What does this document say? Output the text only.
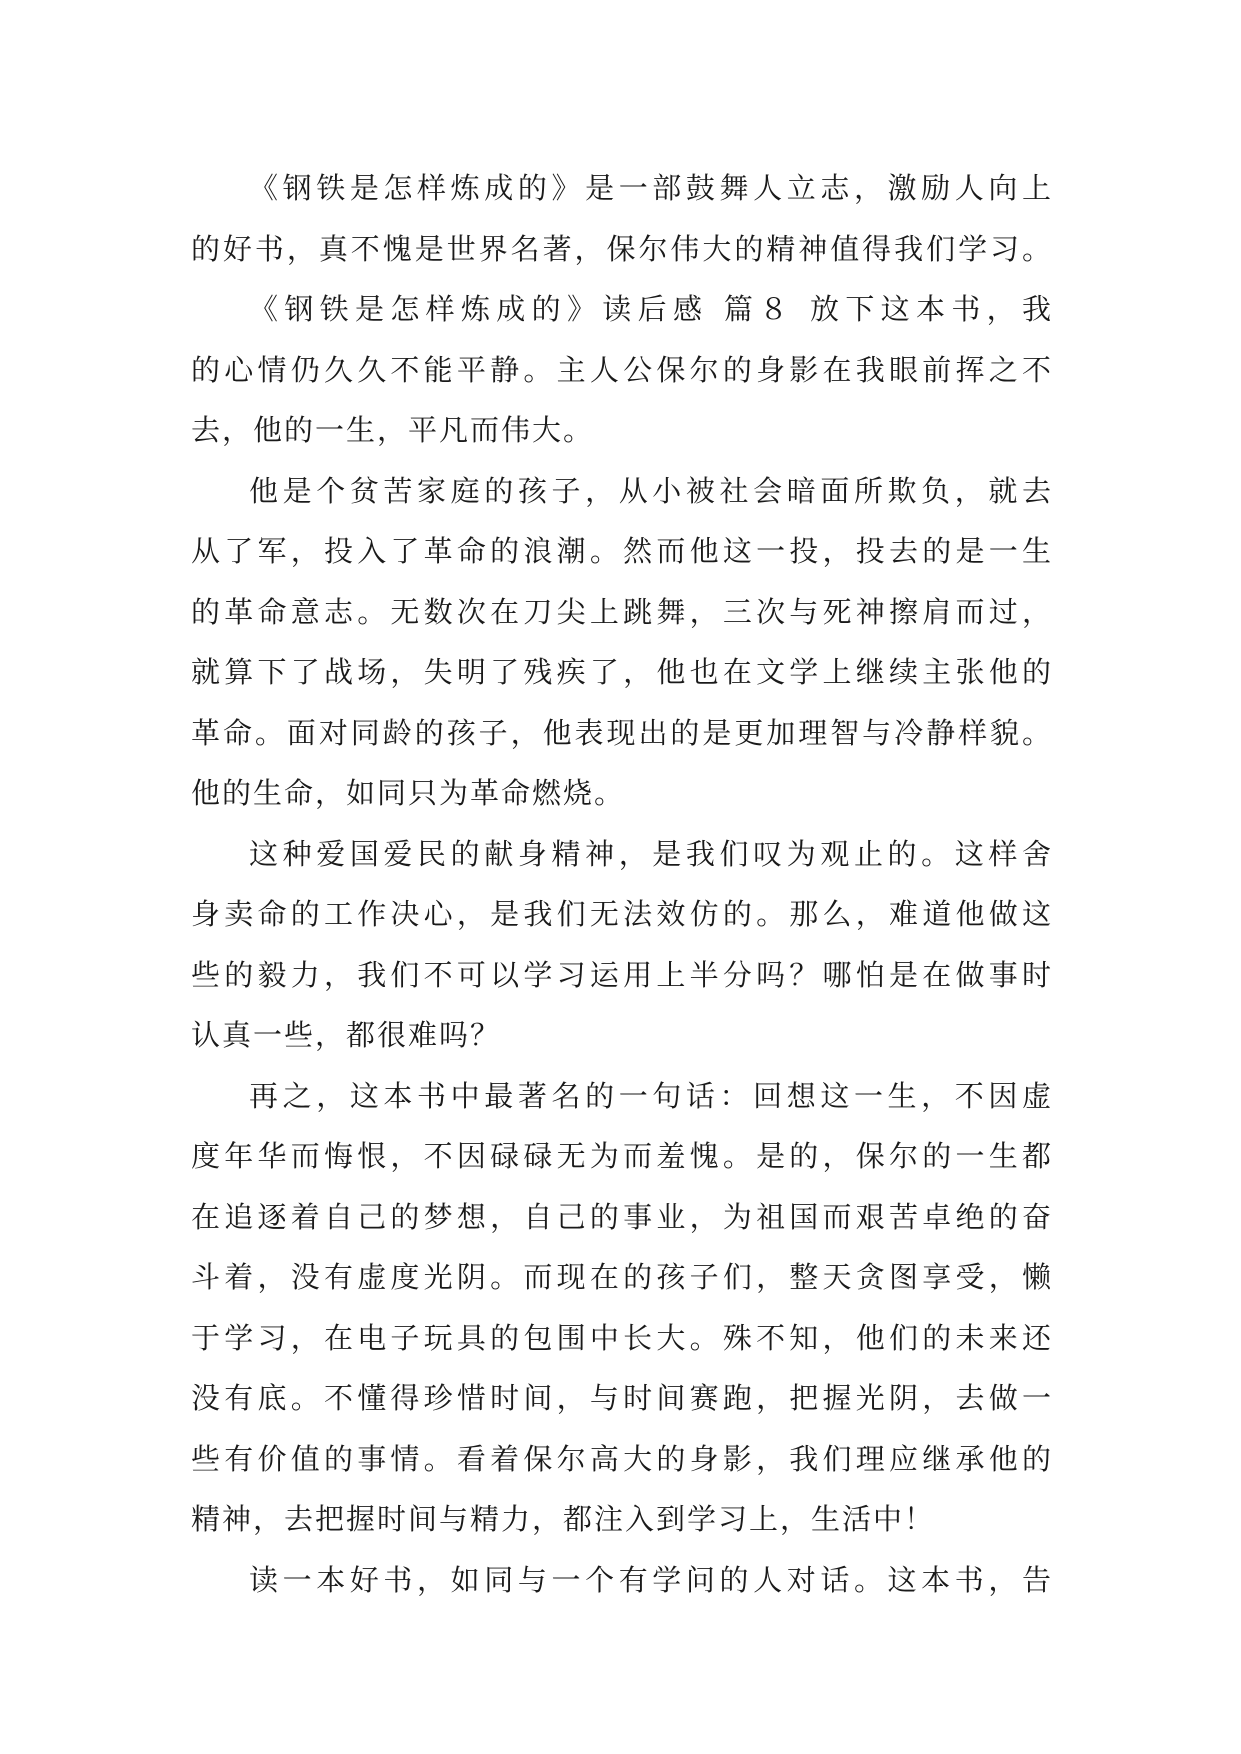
《钢铁是怎样炼成的》是一部鼓舞人立志，激励人向上
的好书，真不愧是世界名著，保尔伟大的精神值得我们学习。
《钢铁是怎样炼成的》读后感 篇８ 放下这本书，我
的心情仍久久不能平静。主人公保尔的身影在我眼前挥之不
去，他的一生，平凡而伟大。
他是个贫苦家庭的孩子，从小被社会暗面所欺负，就去
从了军，投入了革命的浪潮。然而他这一投，投去的是一生
的革命意志。无数次在刀尖上跳舞，三次与死神擦肩而过，
就算下了战场，失明了残疾了，他也在文学上继续主张他的
革命。面对同龄的孩子，他表现出的是更加理智与冷静样貌。
他的生命，如同只为革命燃烧。
这种爱国爱民的献身精神，是我们叹为观止的。这样舍
身卖命的工作决心，是我们无法效仿的。那么，难道他做这
些的毅力，我们不可以学习运用上半分吗？哪怕是在做事时
认真一些，都很难吗？
再之，这本书中最著名的一句话：回想这一生，不因虚
度年华而悔恨，不因碌碌无为而羞愧。是的，保尔的一生都
在追逐着自己的梦想，自己的事业，为祖国而艰苦卓绝的奋
斗着，没有虚度光阴。而现在的孩子们，整天贪图享受，懒
于学习，在电子玩具的包围中长大。殊不知，他们的未来还
没有底。不懂得珍惜时间，与时间赛跑，把握光阴，去做一
些有价值的事情。看着保尔高大的身影，我们理应继承他的
精神，去把握时间与精力，都注入到学习上，生活中！
读一本好书，如同与一个有学问的人对话。这本书，告
